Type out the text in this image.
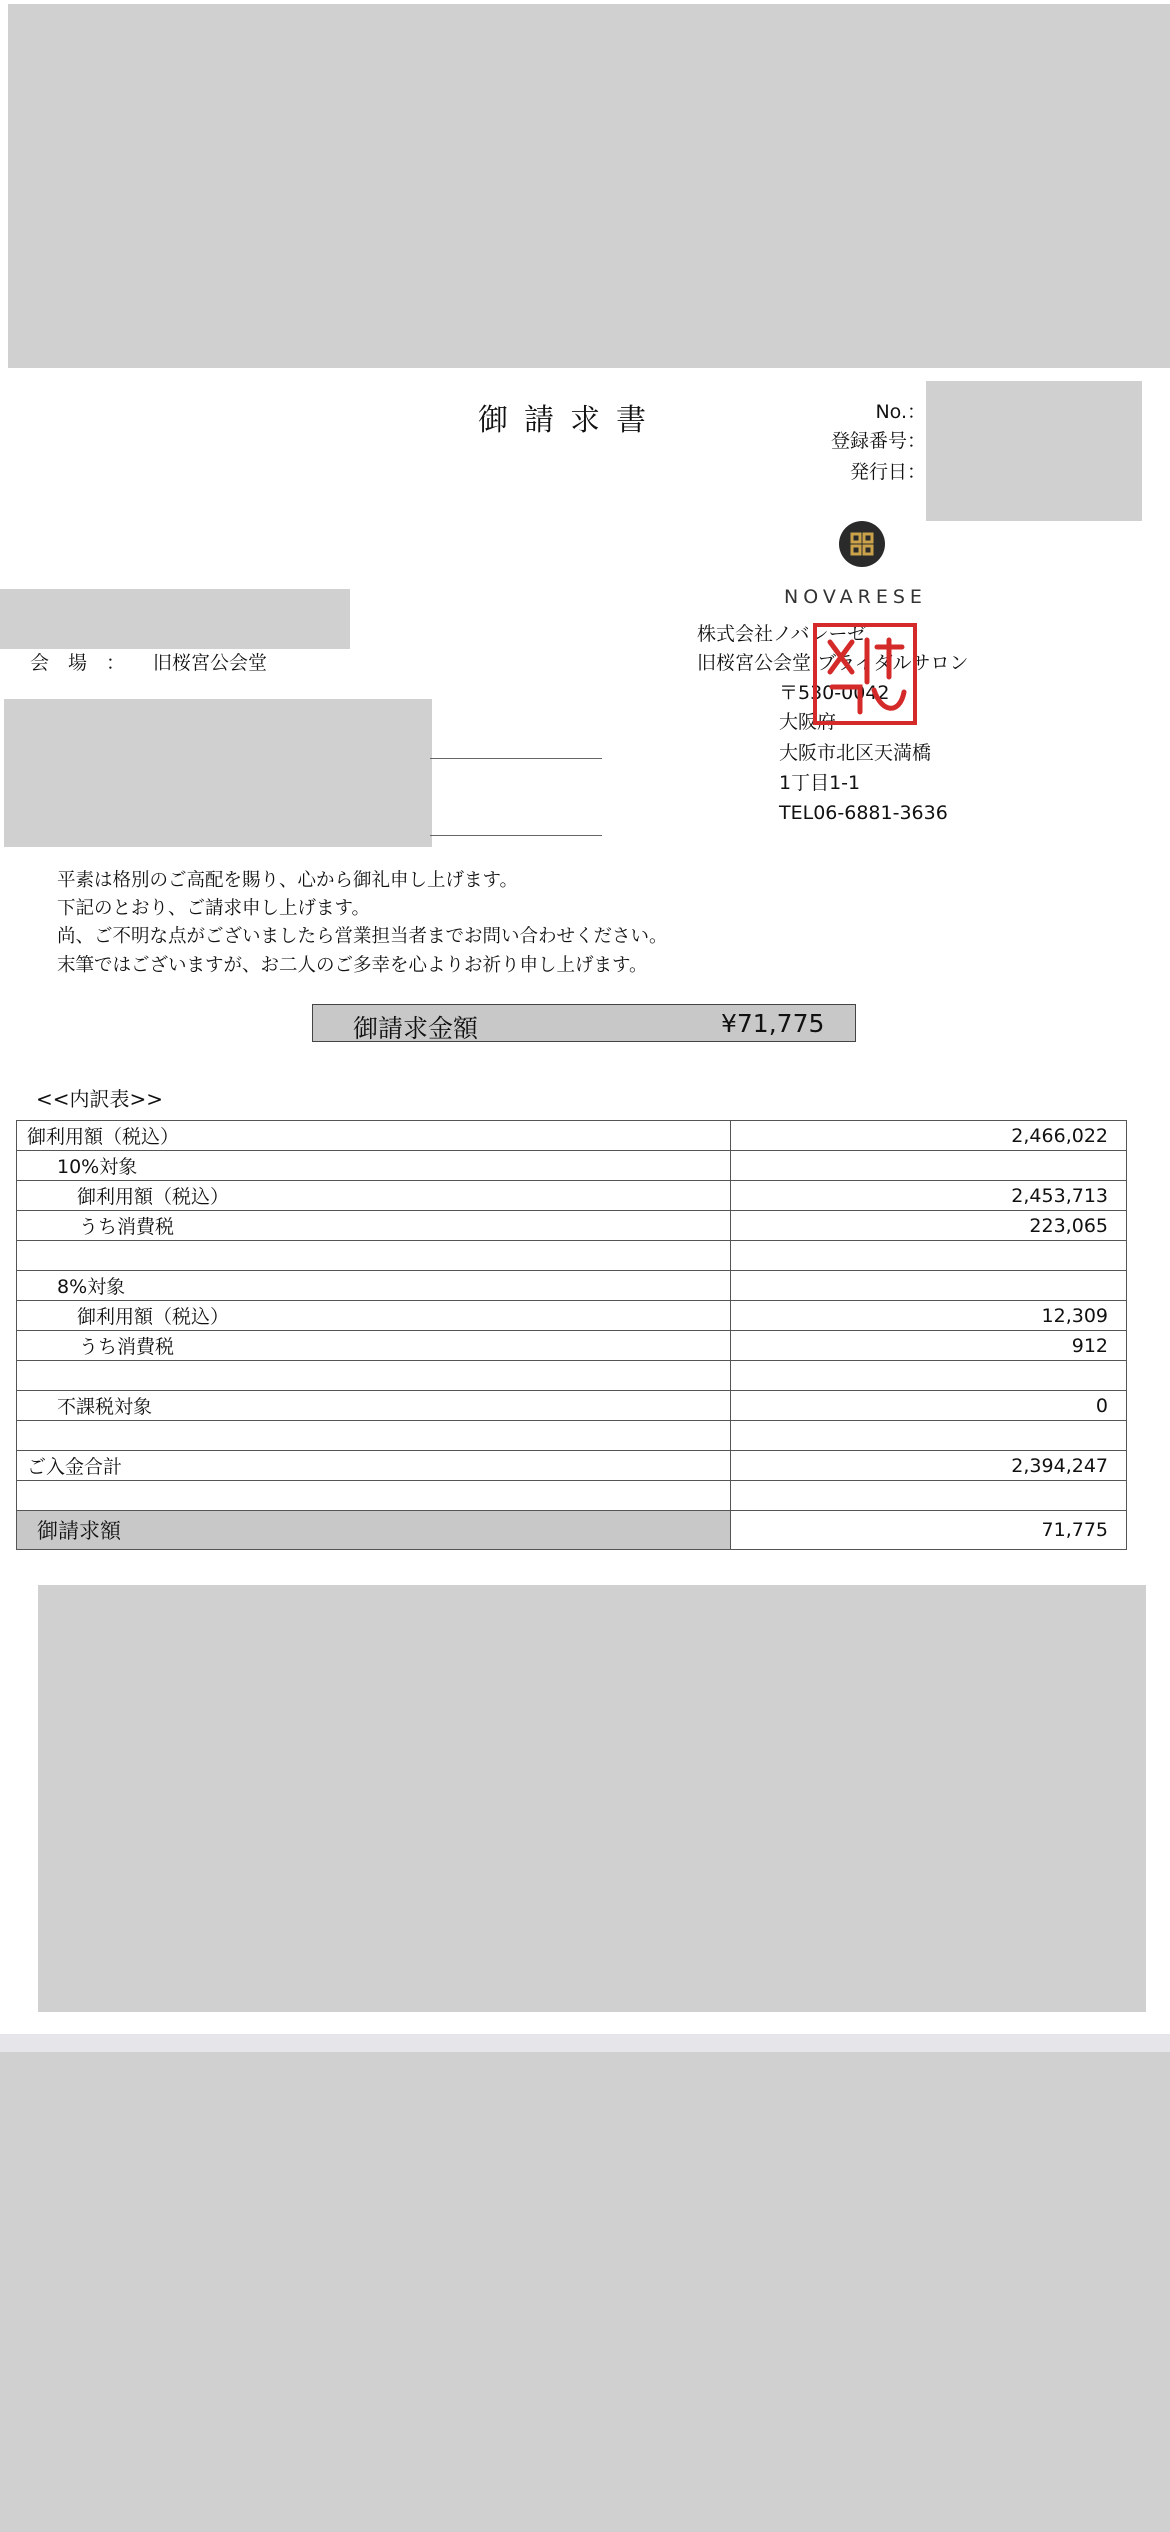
御請求書	No.：
登録番号：
発行日：
NOVARESE
株式会社ノバレーゼ
旧桜宮公会堂 ブライダルサロン
〒530-0042
大阪府
大阪市北区天満橋
1丁目1-1
TEL06-6881-3636
会　場　： 旧桜宮公会堂
平素は格別のご高配を賜り、心から御礼申し上げます。
下記のとおり、ご請求申し上げます。
尚、ご不明な点がございましたら営業担当者までお問い合わせください。
末筆ではございますが、お二人のご多幸を心よりお祈り申し上げます。
御請求金額	¥71,775
<<内訳表>>
御利用額（税込）	2,466,022
10%対象	
御利用額（税込）	2,453,713
うち消費税	223,065

8%対象	
御利用額（税込）	12,309
うち消費税	912

不課税対象	0

ご入金合計	2,394,247

御請求額	71,775
